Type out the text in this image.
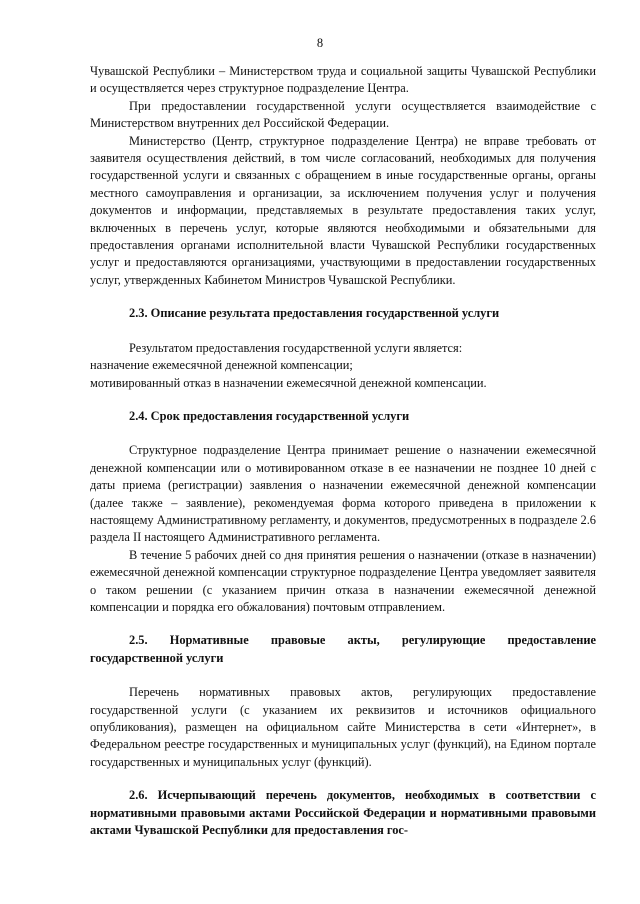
8

Чувашской Республики – Министерством труда и социальной защиты Чувашской Республики и осуществляется через структурное подразделение Центра.

При предоставлении государственной услуги осуществляется взаимодействие с Министерством внутренних дел Российской Федерации.

Министерство (Центр, структурное подразделение Центра) не вправе требовать от заявителя осуществления действий, в том числе согласований, необходимых для получения государственной услуги и связанных с обращением в иные государственные органы, органы местного самоуправления и организации, за исключением получения услуг и получения документов и информации, представляемых в результате предоставления таких услуг, включенных в перечень услуг, которые являются необходимыми и обязательными для предоставления органами исполнительной власти Чувашской Республики государственных услуг и предоставляются организациями, участвующими в предоставлении государственных услуг, утвержденных Кабинетом Министров Чувашской Республики.

2.3. Описание результата предоставления государственной услуги

Результатом предоставления государственной услуги является:

назначение ежемесячной денежной компенсации;

мотивированный отказ в назначении ежемесячной денежной компенсации.

2.4. Срок предоставления государственной услуги

Структурное подразделение Центра принимает решение о назначении ежемесячной денежной компенсации или о мотивированном отказе в ее назначении не позднее 10 дней с даты приема (регистрации) заявления о назначении ежемесячной денежной компенсации (далее также – заявление), рекомендуемая форма которого приведена в приложении к настоящему Административному регламенту, и документов, предусмотренных в подразделе 2.6 раздела II настоящего Административного регламента.

В течение 5 рабочих дней со дня принятия решения о назначении (отказе в назначении) ежемесячной денежной компенсации структурное подразделение Центра уведомляет заявителя о таком решении (с указанием причин отказа в назначении ежемесячной денежной компенсации и порядка его обжалования) почтовым отправлением.

2.5. Нормативные правовые акты, регулирующие предоставление государственной услуги

Перечень нормативных правовых актов, регулирующих предоставление государственной услуги (с указанием их реквизитов и источников официального опубликования), размещен на официальном сайте Министерства в сети «Интернет», в Федеральном реестре государственных и муниципальных услуг (функций), на Едином портале государственных и муниципальных услуг (функций).

2.6. Исчерпывающий перечень документов, необходимых в соответствии с нормативными правовыми актами Российской Федерации и нормативными правовыми актами Чувашской Республики для предоставления гос-
